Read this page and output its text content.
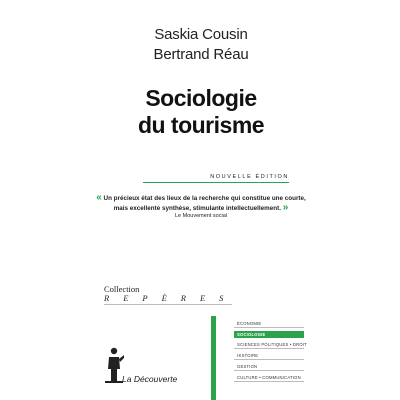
Saskia Cousin
Bertrand Réau
Sociologie
du tourisme
NOUVELLE ÉDITION
« Un précieux état des lieux de la recherche qui constitue une courte,
mais excellente synthèse, stimulante intellectuellement. »
Le Mouvement social
Collection
REPÈRES
ÉCONOMIE
SOCIOLOGIE
SCIENCES POLITIQUES • DROIT
HISTOIRE
GESTION
CULTURE • COMMUNICATION
La Découverte
